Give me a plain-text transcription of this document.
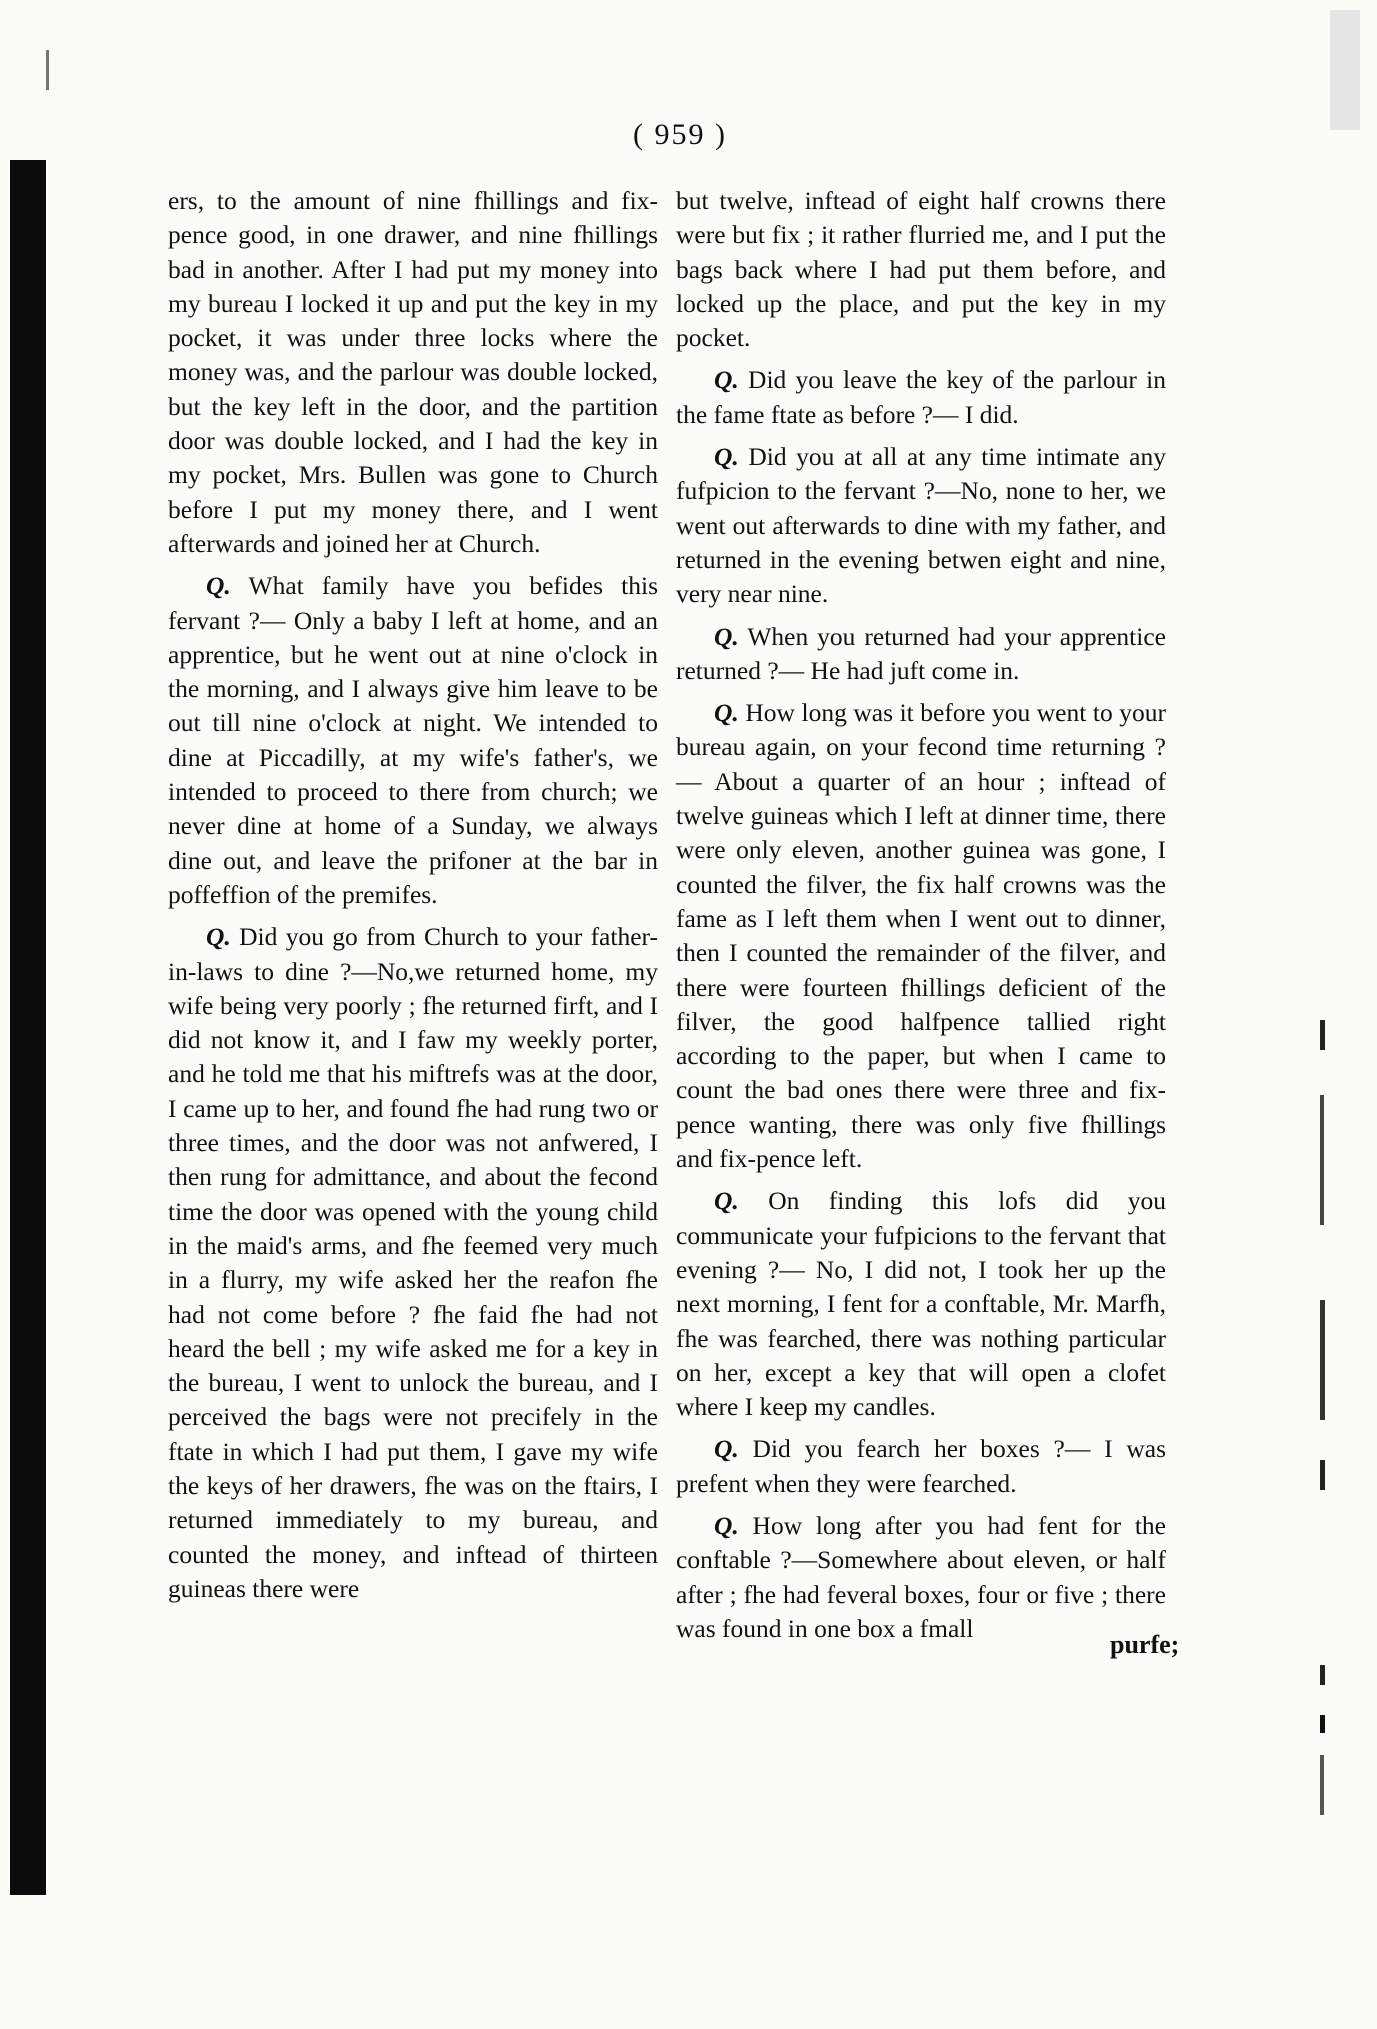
( 959 )

ers, to the amount of nine fhillings and fix-pence good, in one drawer, and nine fhillings bad in another. After I had put my money into my bureau I locked it up and put the key in my pocket, it was under three locks where the money was, and the parlour was double locked, but the key left in the door, and the partition door was double locked, and I had the key in my pocket, Mrs. Bullen was gone to Church before I put my money there, and I went afterwards and joined her at Church.

Q. What family have you befides this fervant ?— Only a baby I left at home, and an apprentice, but he went out at nine o'clock in the morning, and I always give him leave to be out till nine o'clock at night. We intended to dine at Piccadilly, at my wife's father's, we intended to proceed to there from church; we never dine at home of a Sunday, we always dine out, and leave the prifoner at the bar in poffeffion of the premifes.

Q. Did you go from Church to your father-in-laws to dine ?—No,we returned home, my wife being very poorly ; fhe returned firft, and I did not know it, and I faw my weekly porter, and he told me that his miftrefs was at the door, I came up to her, and found fhe had rung two or three times, and the door was not anfwered, I then rung for admittance, and about the fecond time the door was opened with the young child in the maid's arms, and fhe feemed very much in a flurry, my wife asked her the reafon fhe had not come before ? fhe faid fhe had not heard the bell ; my wife asked me for a key in the bureau, I went to unlock the bureau, and I perceived the bags were not precifely in the ftate in which I had put them, I gave my wife the keys of her drawers, fhe was on the ftairs, I returned immediately to my bureau, and counted the money, and inftead of thirteen guineas there were

but twelve, inftead of eight half crowns there were but fix ; it rather flurried me, and I put the bags back where I had put them before, and locked up the place, and put the key in my pocket.

Q. Did you leave the key of the parlour in the fame ftate as before ?— I did.

Q. Did you at all at any time intimate any fufpicion to the fervant ?—No, none to her, we went out afterwards to dine with my father, and returned in the evening betwen eight and nine, very near nine.

Q. When you returned had your apprentice returned ?— He had juft come in.

Q. How long was it before you went to your bureau again, on your fecond time returning ?— About a quarter of an hour ; inftead of twelve guineas which I left at dinner time, there were only eleven, another guinea was gone, I counted the filver, the fix half crowns was the fame as I left them when I went out to dinner, then I counted the remainder of the filver, and there were fourteen fhillings deficient of the filver, the good halfpence tallied right according to the paper, but when I came to count the bad ones there were three and fix-pence wanting, there was only five fhillings and fix-pence left.

Q. On finding this lofs did you communicate your fufpicions to the fervant that evening ?— No, I did not, I took her up the next morning, I fent for a conftable, Mr. Marfh, fhe was fearched, there was nothing particular on her, except a key that will open a clofet where I keep my candles.

Q. Did you fearch her boxes ?— I was prefent when they were fearched.

Q. How long after you had fent for the conftable ?—Somewhere about eleven, or half after ; fhe had feveral boxes, four or five ; there was found in one box a fmall

purfe;
